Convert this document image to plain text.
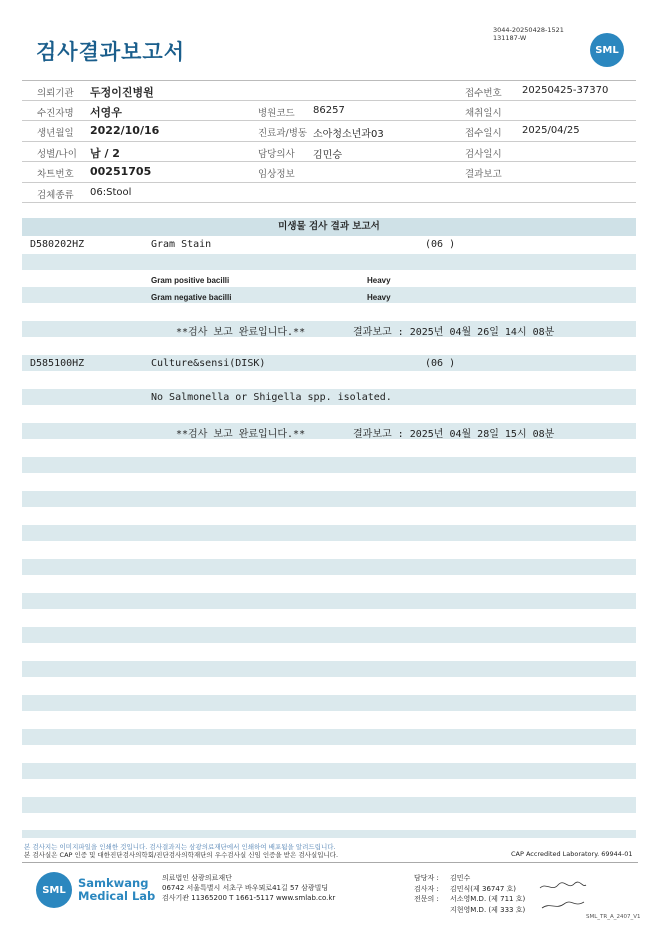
검사결과보고서
3044-20250428-1521
131187-W
SML
의뢰기관 두정이진병원	접수번호 20250425-37370
수진자명 서영우	병원코드 86257	채취일시
생년월일 2022/10/16	진료과/병동 소아청소년과03	접수일시 2025/04/25
성별/나이 남 / 2	담당의사 김민승	검사일시
차트번호 00251705	임상정보	결과보고
검체종류 06:Stool
미생물 검사 결과 보고서
D580202HZ	Gram Stain	(06 )
Gram positive bacilli	Heavy
Gram negative bacilli	Heavy
**검사 보고 완료입니다.**	결과보고 : 2025년 04월 26일 14시 08분
D585100HZ	Culture&sensi(DISK)	(06 )
No Salmonella or Shigella spp. isolated.
**검사 보고 완료입니다.**	결과보고 : 2025년 04월 28일 15시 08분
본 검사지는 이미지파일을 인쇄한 것입니다. 검사결과지는 삼광의료재단에서 인쇄하여 배포됨을 알려드립니다.
본 검사실은 CAP 인증 및 대한진단검사의학회/진단검사의학재단의 우수검사실 신임 인증을 받은 검사실입니다.	CAP Accredited Laboratory. 69944-01
SML	Samkwang
Medical Lab
의료법인 삼광의료재단
06742 서울특별시 서초구 바우뫼로41길 57 삼광빌딩
검사기관 11365200 T 1661-5117 www.smlab.co.kr
담당자 : 김민수
검사자 : 김민식(제 36747 호)
전문의 : 서소영M.D. (제 711 호)
지현영M.D. (제 333 호)
SML_TR_A_2407_V1
